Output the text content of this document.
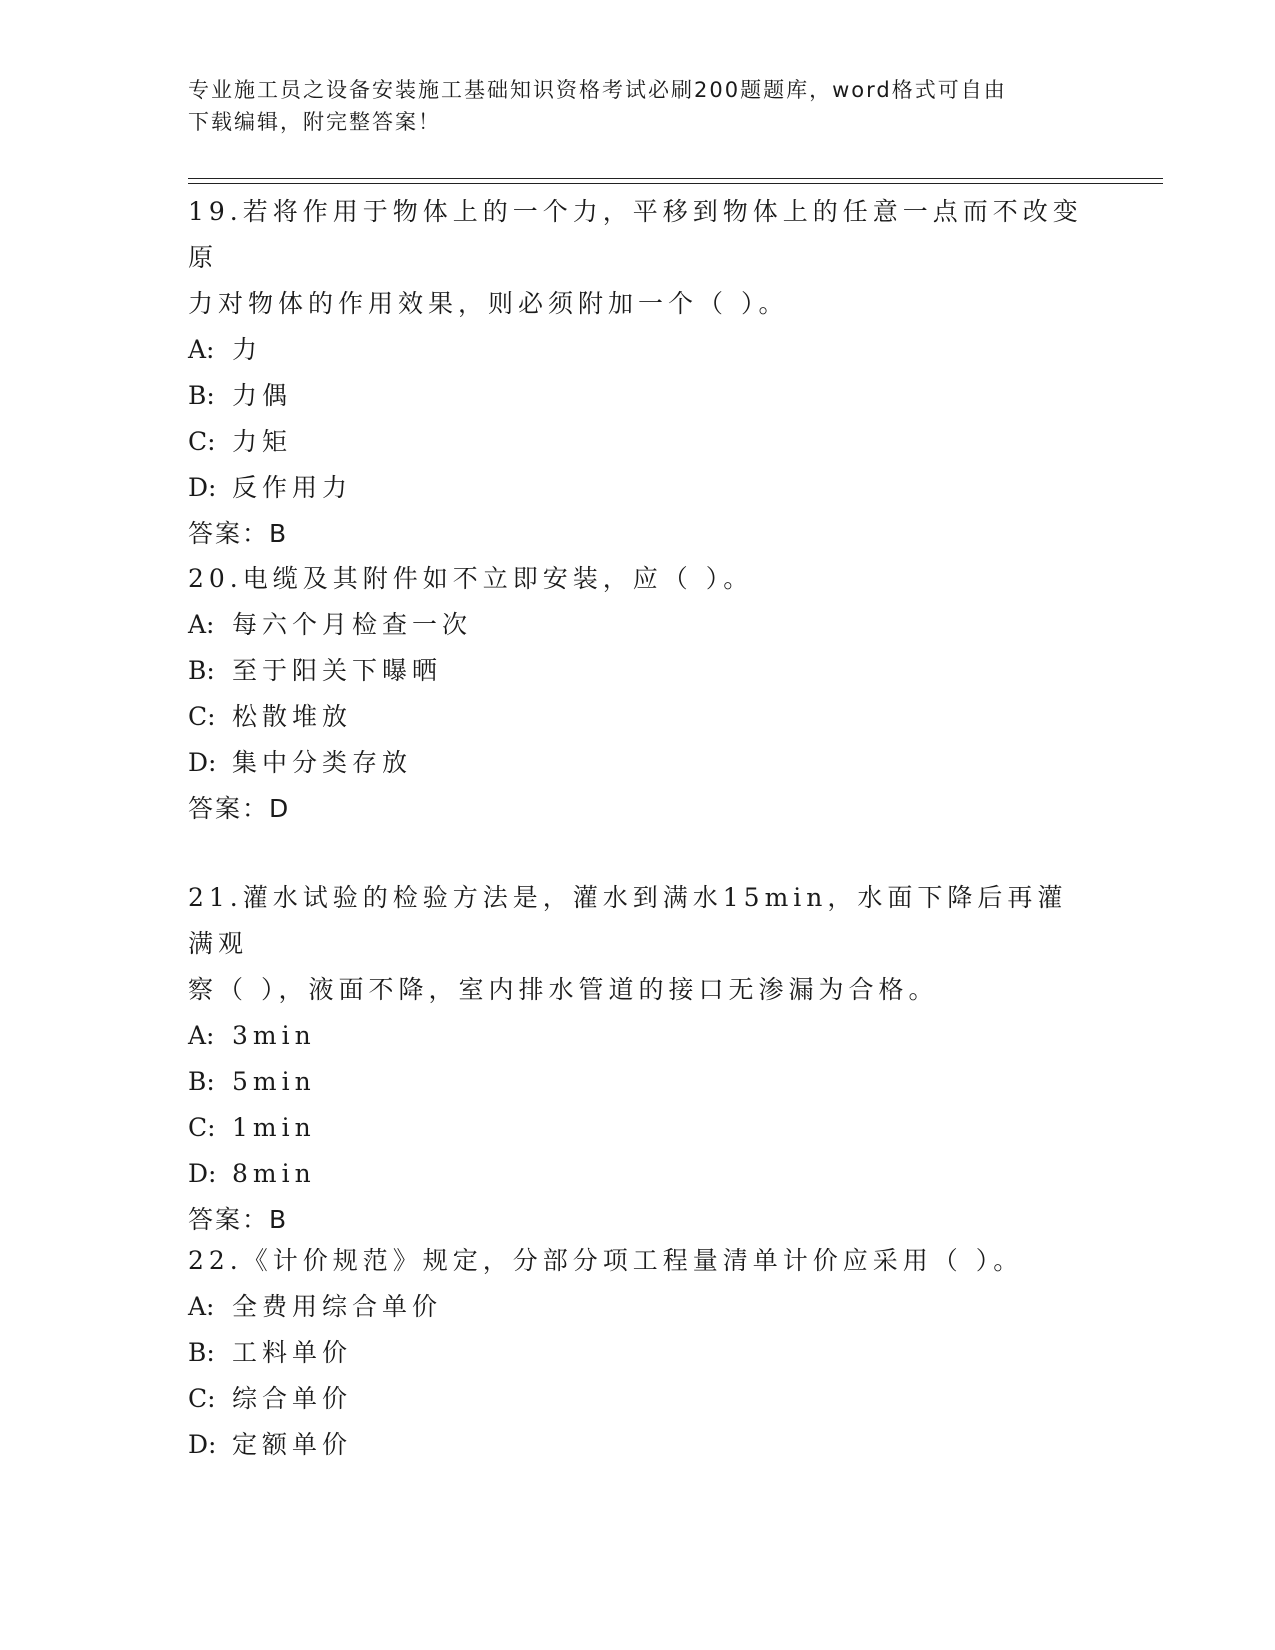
专业施工员之设备安装施工基础知识资格考试必刷200题题库，word格式可自由
下载编辑，附完整答案！

19.若将作用于物体上的一个力，平移到物体上的任意一点而不改变原

力对物体的作用效果，则必须附加一个（ ）。

A: 力

B: 力偶

C: 力矩

D: 反作用力

答案：B

20.电缆及其附件如不立即安装，应（ ）。

A: 每六个月检查一次

B: 至于阳关下曝晒

C: 松散堆放

D: 集中分类存放

答案：D

21.灌水试验的检验方法是，灌水到满水15min，水面下降后再灌满观

察（ ），液面不降，室内排水管道的接口无渗漏为合格。

A: 3min

B: 5min

C: 1min

D: 8min

答案：B

22.《计价规范》规定，分部分项工程量清单计价应采用（ ）。

A: 全费用综合单价

B: 工料单价

C: 综合单价

D: 定额单价
